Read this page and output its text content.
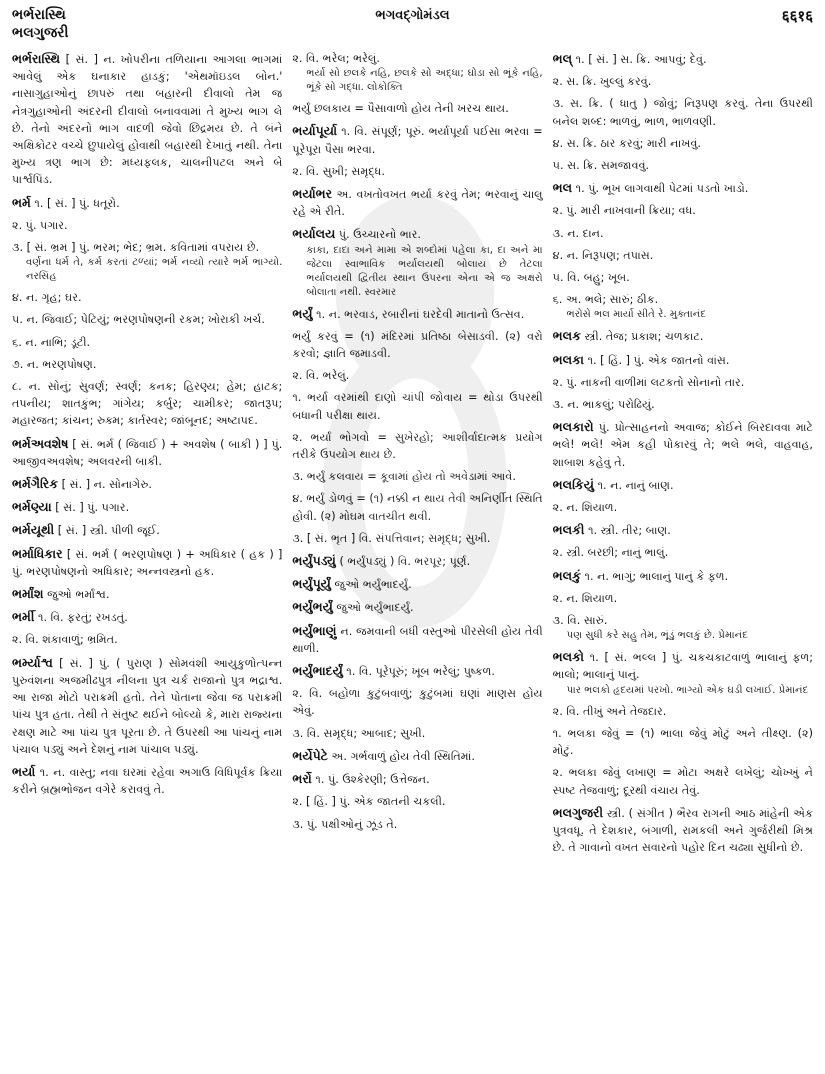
ભર્ભરાસ્થિ
ભલગુજરી
ભગવદ્ગોમંડલ	६६१६
ભર્ભરાસ્થિ [ સં. ] ન. ખોપરીના તળિયાના આગલા ભાગમાં આવેલું એક ઘનાકાર હાડકું; 'એથમૉઇડલ બોન.' નાસાગુહાઓનું છાપરું તથા બહારની દીવાલો તેમ જ નેત્રગુહાઓની અંદરની દીવાલો બનાવવામાં તે મુખ્ય ભાગ લે છે. તેનો અંદરનો ભાગ વાદળી જેવો છિદ્રમય છે. તે બંને અક્ષિકોટર વચ્ચે છુપાયેલું હોવાથી બહારથી દેખાતું નથી. તેના મુખ્ય ત્રણ ભાગ છે: મધ્યફલક, ચાલનીપટલ અને બે પાર્શ્વપિંડ.
ભર્મ ૧. [ સં. ] પું. ધતૂરો.
૨. પું. પગાર.
૩. [ સં. ભ્રમ ] પું. ભરમ; ભેદ; ભ્રમ. કવિતામાં વપરાય છે.
વર્ણના ધર્મ તે, કર્મ કરતાં ટળ્યાં; ભર્મ નવ્યો ત્યારે ભર્મ ભાગ્યો. નરસિંહ
૪. ન. ગૃહ; ઘર.
૫. ન. જિવાઈ; પેટિયું; ભરણપોષણની રકમ; ખોરાકી ખર્ચ.
૬. ન. નાભિ; ડૂંટી.
૭. ન. ભરણપોષણ.
૮. ન. સોનું; સુવર્ણ; સ્વર્ણ; કનક; હિરણ્ય; હેમ; હાટક; તપનીય; શાતકુંભ; ગાંગેય; કર્બુર; ચામીકર; જાતરૂપ; મહારજત; કાંચન; રુક્મ; કાર્તસ્વર; જાંબૂનદ; અષ્ટાપદ.
ભર્મઅવશેષ [ સં. ભર્મ ( જિવાઈ ) + અવશેષ ( બાકી ) ] પું. આજીવઅવશેષ; અલવરની બાકી.
ભર્મગૈરિક [ સં. ] ન. સોનાગેરુ.
ભર્મણ્યા [ સં. ] પું. પગાર.
ભર્મયૂથી [ સં. ] સ્ત્રી. પીળી જૂઈ.
ભર્માધિકાર [ સં. ભર્મ ( ભરણપોષણ ) + અધિકાર ( હક ) ] પું. ભરણપોષણનો અધિકાર; અન્નવસ્ત્રનો હક.
ભર્માંશ જુઓ ભર્માંશ્વ.
ભર્મી ૧. વિ. ફરતું; રખડતું.
૨. વિ. શંકાવાળું; ભ્રમિત.
ભર્મ્યાશ્વ [ સં. ] પું. ( પુરાણ ) સોમવંશી આયુકુળોત્પન્ન પુરુવંશના અજમીઢપુત્ર નીલના પુત્ર ચર્ક રાજાનો પુત્ર ભદ્રાશ્વ. આ રાજા મોટો પરાક્રમી હતો. તેને પોતાના જેવા જ પરાક્રમી પાંચ પુત્ર હતા. તેથી તે સંતુષ્ટ થઈને બોલ્યો કે, મારા રાજ્યના રક્ષણ માટે આ પાંચ પુત્ર પૂરતા છે. તે ઉપરથી આ પાંચનું નામ પંચાલ પડ્યું અને દેશનું નામ પાંચાલ પડ્યું.
ભર્યા ૧. ન. વાસ્તુ; નવા ઘરમાં રહેવા અગાઉ વિધિપૂર્વક ક્રિયા કરીને બ્રહ્મભોજન વગેરે કરાવવું તે.
૨. વિ. ભરેલ; ભરેલું.
ભર્યા સો છલકે નહિ, છલકે સો અદ્ધા; ઘોડા સો ભૂંકે નહિ, ભૂંકે સો ગદ્ધા. લોકોક્તિ
ભર્યું છલકાય = પૈસાવાળો હોય તેની ખરચ થાય.
ભર્યાપૂર્યા ૧. વિ. સંપૂર્ણ; પૂરું. ભર્યાપૂર્યા પઈસા ભરવા = પૂરેપૂરા પૈસા ભરવા.
૨. વિ. સુખી; સમૃદ્ધ.
ભર્યાભર અ. વખતોવખત ભર્યા કરવું તેમ; ભરવાનું ચાલુ રહે એ રીતે.
ભર્યાલય પું. ઉચ્ચારનો ભાર.
કાકા, દાદા અને મામા એ શબ્દોમાં પહેલા કા, દા અને મા જેટલા સ્વાભાવિક ભર્યાલયથી બોલાય છે તેટલા ભર્યાલયથી દ્વિતીય સ્થાન ઉપરના એના એ જ અક્ષરો બોલાતા નથી. સ્વરમાર
ભર્યું ૧. ન. ભરવાડ, રબારીનાં ઘરદેવી માતાનો ઉત્સવ.
ભર્યું કરવું = (૧) મંદિરમાં પ્રતિષ્ઠા બેસાડવી. (૨) વરો કરવો; જ્ઞાતિ જમાડવી.
૨. વિ. ભરેલું.
૧. ભર્યા વરમાંથી દાણો ચાંપી જોવાય = થોડા ઉપરથી બધાની પરીક્ષા થાય.
૨. ભર્યાં ભોગવો = સુખેરહો; આશીર્વાદાત્મક પ્રયોગ તરીકે ઉપયોગ થાય છે.
૩. ભર્યું કલવાય = કૂવામાં હોય તો અવેડામાં આવે.
૪. ભર્યું ડોળવું = (૧) નક્કી ન થાય તેવી અનિર્ણીત સ્થિતિ હોવી. (૨) મોઘમ વાતચીત થવી.
૩. [ સં. ભૃત ] વિ. સંપત્તિવાન; સમૃદ્ધ; સુખી.
ભર્યુંપડ્યું ( ભર્યુંપડ્યું ) વિ. ભરપૂર; પૂર્ણ.
ભર્યુંપૂર્યું જુઓ ભર્યુંભાદર્યું.
ભર્યુંભર્યું જુઓ ભર્યુંભાદર્યું.
ભર્યુંભાણું ન. જમવાની બધી વસ્તુઓ પીરસેલી હોય તેવી થાળી.
ભર્યુંભાદર્યું ૧. વિ. પૂરેપૂરું; ખૂબ ભરેલું; પુષ્કળ.
૨. વિ. બહોળા કુટુંબવાળું; કુટુંબમાં ઘણાં માણસ હોય એવું.
૩. વિ. સમૃદ્ધ; આબાદ; સુખી.
ભર્યેપેટે અ. ગર્ભવાળું હોય તેવી સ્થિતિમાં.
ભર્રો ૧. પું. ઉશ્કેરણી; ઉત્તેજન.
૨. [ હિં. ] પું. એક જાતની ચકલી.
૩. પું. પક્ષીઓનું ઝૂંડ તે.
ભલ્ ૧. [ સં. ] સ. ક્રિ. આપવું; દેવું.
૨. સ. ક્રિ. ખુલ્લું કરવું.
૩. સ. ક્રિ. ( ધાતુ ) જોવું; નિરૂપણ કરવું. તેના ઉપરથી બનેલ શબ્દ: ભાળવું, ભાળ, ભાળવણી.
૪. સ. ક્રિ. ઠાર કરવું; મારી નાખવું.
૫. સ. ક્રિ. સમજાવવું.
ભલ ૧. પું. ભૂખ લાગવાથી પેટમાં પડતો ખાડો.
૨. પું. મારી નાખવાની ક્રિયા; વધ.
૩. ન. દાન.
૪. ન. નિરૂપણ; તપાસ.
૫. વિ. બહુ; ખૂબ.
૬. અ. ભલે; સારું; ઠીક.
ભરોસે ભલ માર્યા સીતે રે. મુક્તાનંદ
ભલક સ્ત્રી. તેજ; પ્રકાશ; ચળકાટ.
ભલકા ૧. [ હિં. ] પું. એક જાતનો વાંસ.
૨. પું. નાકની વાળીમાં લટકતો સોનાનો તાર.
૩. ન. ભાકલું; પરોઢિયું.
ભલકારો પું. પ્રોત્સાહનનો અવાજ; કોઈને બિરદાવવા માટે ભલે! ભલે! એમ કહી પોકારવું તે; ભલે ભલે, વાહવાહ, શાબાશ કહેવું તે.
ભલકિયું ૧. ન. નાનું બાણ.
૨. ન. શિયાળ.
ભલકી ૧. સ્ત્રી. તીર; બાણ.
૨. સ્ત્રી. બરછી; નાનું ભાલું.
ભલકું ૧. ન. ભાગું; ભાલાનું પાનું કે ફળ.
૨. ન. શિયાળ.
૩. વિ. સારું.
પણ સુધી કરે સહુ તેમ, ભૂંડું ભલકું છે. પ્રેમાનંદ
ભલકો ૧. [ સં. ભલ્લ ] પું. ચકચકાટવાળું ભાલાનું ફળ; ભાલો; ભાલાનું પાનું.
પાર ભલકો હૃદયમાં પરખો. ભાગ્યો એક ઘડી લખાઈ. પ્રેમાનંદ
૨. વિ. તીખું અને તેજદાર.
૧. ભલકા જેવું = (૧) ભાલા જેવું મોટું અને તીક્ષ્ણ. (૨) મોટું.
૨. ભલકા જેવું લખાણ = મોટા અક્ષરે લખેલું; ચોખ્ખું ને સ્પષ્ટ તેજવાળું; દૂરથી વંચાય તેવું.
ભલગુજરી સ્ત્રી. ( સંગીત ) ભૈરવ રાગની આઠ માંહેની એક પુત્રવધૂ. તે દેશકાર, બંગાળી, રામકલી અને ગુર્જરીથી મિશ્ર છે. તે ગાવાનો વખત સવારનો પહોર દિન ચઢ્યા સુધીનો છે.
